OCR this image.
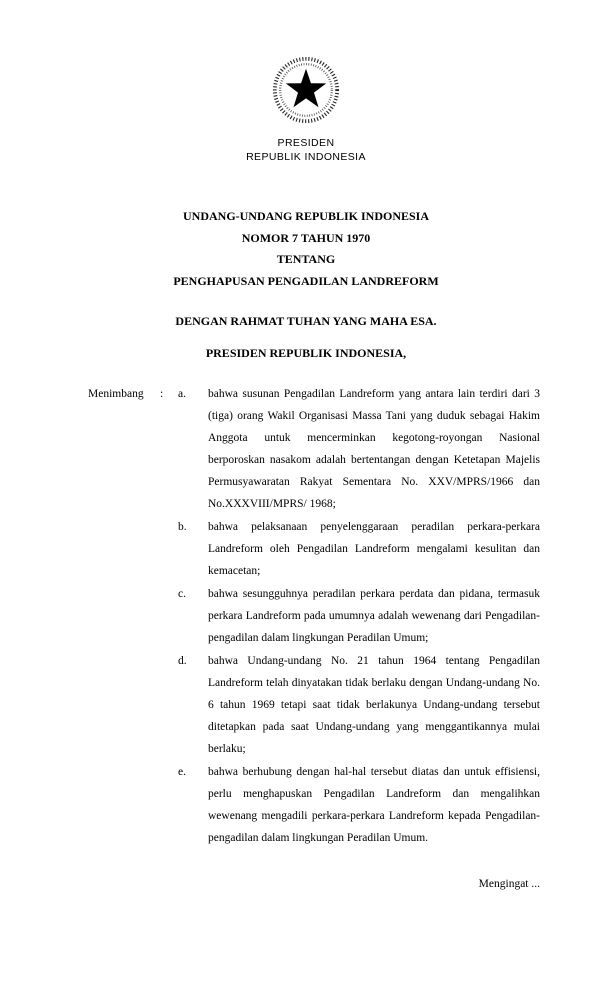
PRESIDEN
REPUBLIK INDONESIA
UNDANG-UNDANG REPUBLIK INDONESIA
NOMOR 7 TAHUN 1970
TENTANG
PENGHAPUSAN PENGADILAN LANDREFORM
DENGAN RAHMAT TUHAN YANG MAHA ESA.
PRESIDEN REPUBLIK INDONESIA,
Menimbang	:	a.	bahwa susunan Pengadilan Landreform yang antara lain terdiri dari 3 (tiga) orang Wakil Organisasi Massa Tani yang duduk sebagai Hakim Anggota untuk mencerminkan kegotong-royongan Nasional berporoskan nasakom adalah bertentangan dengan Ketetapan Majelis Permusyawaratan Rakyat Sementara No. XXV/MPRS/1966 dan No.XXXVIII/MPRS/ 1968;
b.	bahwa pelaksanaan penyelenggaraan peradilan perkara-perkara Landreform oleh Pengadilan Landreform mengalami kesulitan dan kemacetan;
c.	bahwa sesungguhnya peradilan perkara perdata dan pidana, termasuk perkara Landreform pada umumnya adalah wewenang dari Pengadilan-pengadilan dalam lingkungan Peradilan Umum;
d.	bahwa Undang-undang No. 21 tahun 1964 tentang Pengadilan Landreform telah dinyatakan tidak berlaku dengan Undang-undang No. 6 tahun 1969 tetapi saat tidak berlakunya Undang-undang tersebut ditetapkan pada saat Undang-undang yang menggantikannya mulai berlaku;
e.	bahwa berhubung dengan hal-hal tersebut diatas dan untuk effisiensi, perlu menghapuskan Pengadilan Landreform dan mengalihkan wewenang mengadili perkara-perkara Landreform kepada Pengadilan-pengadilan dalam lingkungan Peradilan Umum.
Mengingat ...
